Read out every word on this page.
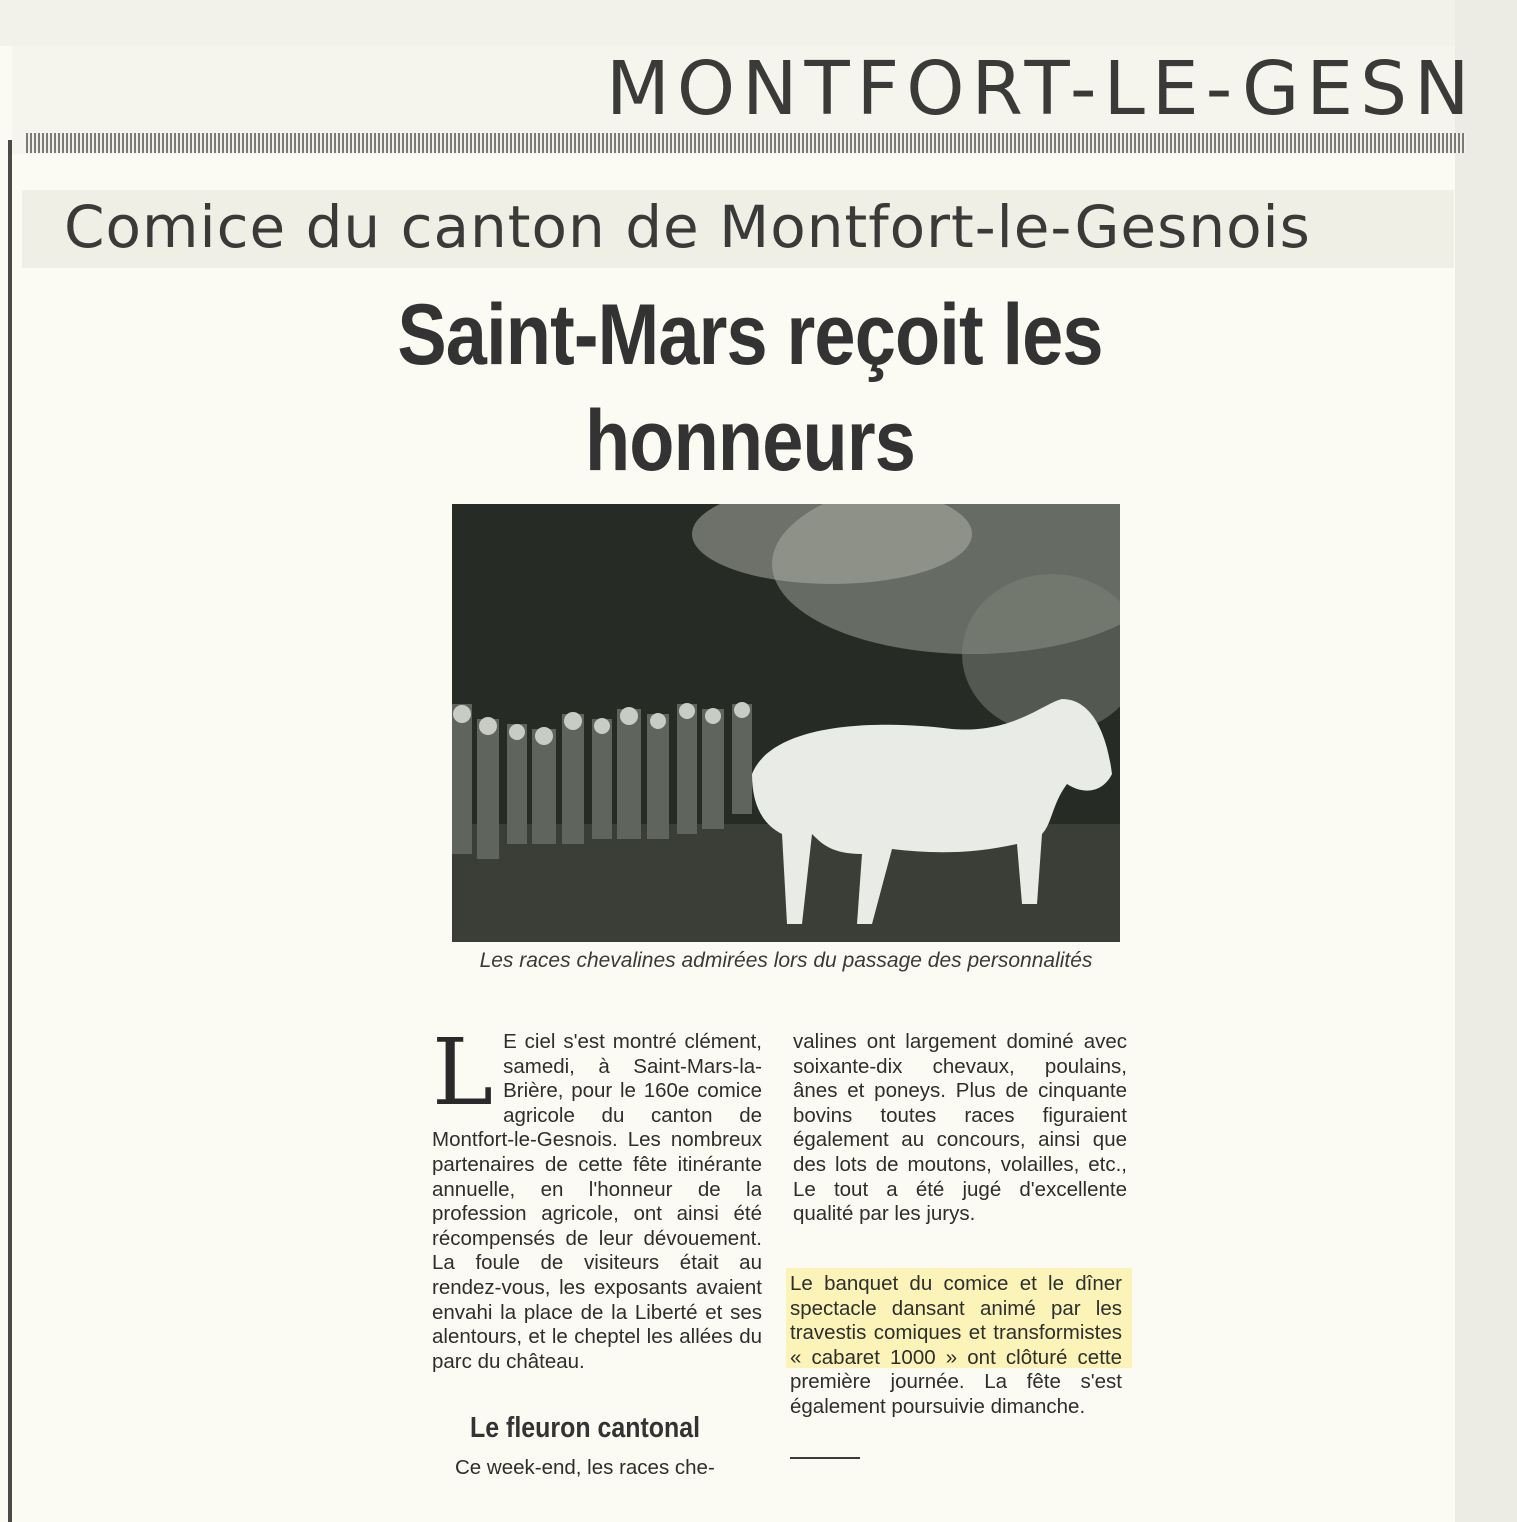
MONTFORT-LE-GESN
Comice du canton de Montfort-le-Gesnois
Saint-Mars reçoit les honneurs
Les races chevalines admirées lors du passage des personnalités
L E ciel s'est montré clément, samedi, à Saint-Mars-la-Brière, pour le 160e comice agricole du canton de Montfort-le-Gesnois. Les nombreux partenaires de cette fête itinérante annuelle, en l'honneur de la profession agricole, ont ainsi été récompensés de leur dévouement. La foule de visiteurs était au rendez-vous, les exposants avaient envahi la place de la Liberté et ses alentours, et le cheptel les allées du parc du château.
Le fleuron cantonal
Ce week-end, les races che-
valines ont largement dominé avec soixante-dix chevaux, poulains, ânes et poneys. Plus de cinquante bovins toutes races figuraient également au concours, ainsi que des lots de moutons, volailles, etc., Le tout a été jugé d'excellente qualité par les jurys.
Le banquet du comice et le dîner spectacle dansant animé par les travestis comiques et transformistes « cabaret 1000 » ont clôturé cette première journée. La fête s'est également poursuivie dimanche.
